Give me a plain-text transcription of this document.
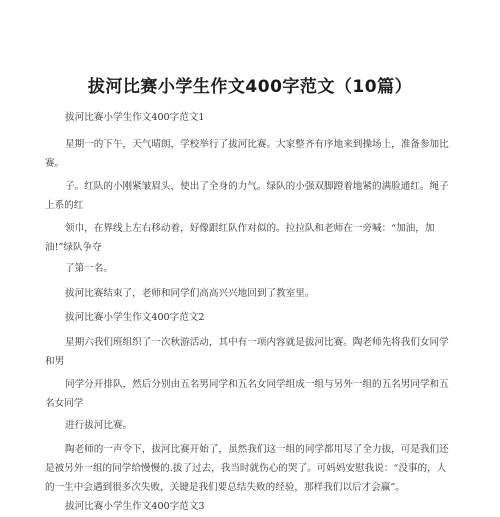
拔河比赛小学生作文400字范文（10篇）
拔河比赛小学生作文400字范文1
星期一的下午，天气晴朗，学校举行了拔河比赛。大家整齐有序地来到操场上，准备参加比赛。
子。红队的小刚紧皱眉头，使出了全身的力气。绿队的小强双脚蹬着地紧的满脸通红。绳子上系的红
领巾，在界线上左右移动着，好像跟红队作对似的。拉拉队和老师在一旁喊：“加油，加油!”绿队争夺
了第一名。
拔河比赛结束了，老师和同学们高高兴兴地回到了教室里。
拔河比赛小学生作文400字范文2
星期六我们班组织了一次秋游活动，其中有一项内容就是拔河比赛。陶老师先将我们女同学和男
同学分开排队，然后分别由五名男同学和五名女同学组成一组与另外一组的五名男同学和五名女同学
进行拔河比赛。
陶老师的一声令下，拔河比赛开始了，虽然我们这一组的同学都用尽了全力拔，可是我们还是被另外一组的同学给慢慢的.拔了过去，我当时就伤心的哭了。可妈妈安慰我说：“没事的，人的一生中会遇到很多次失败，关键是我们要总结失败的经验，那样我们以后才会赢”。
拔河比赛小学生作文400字范文3
